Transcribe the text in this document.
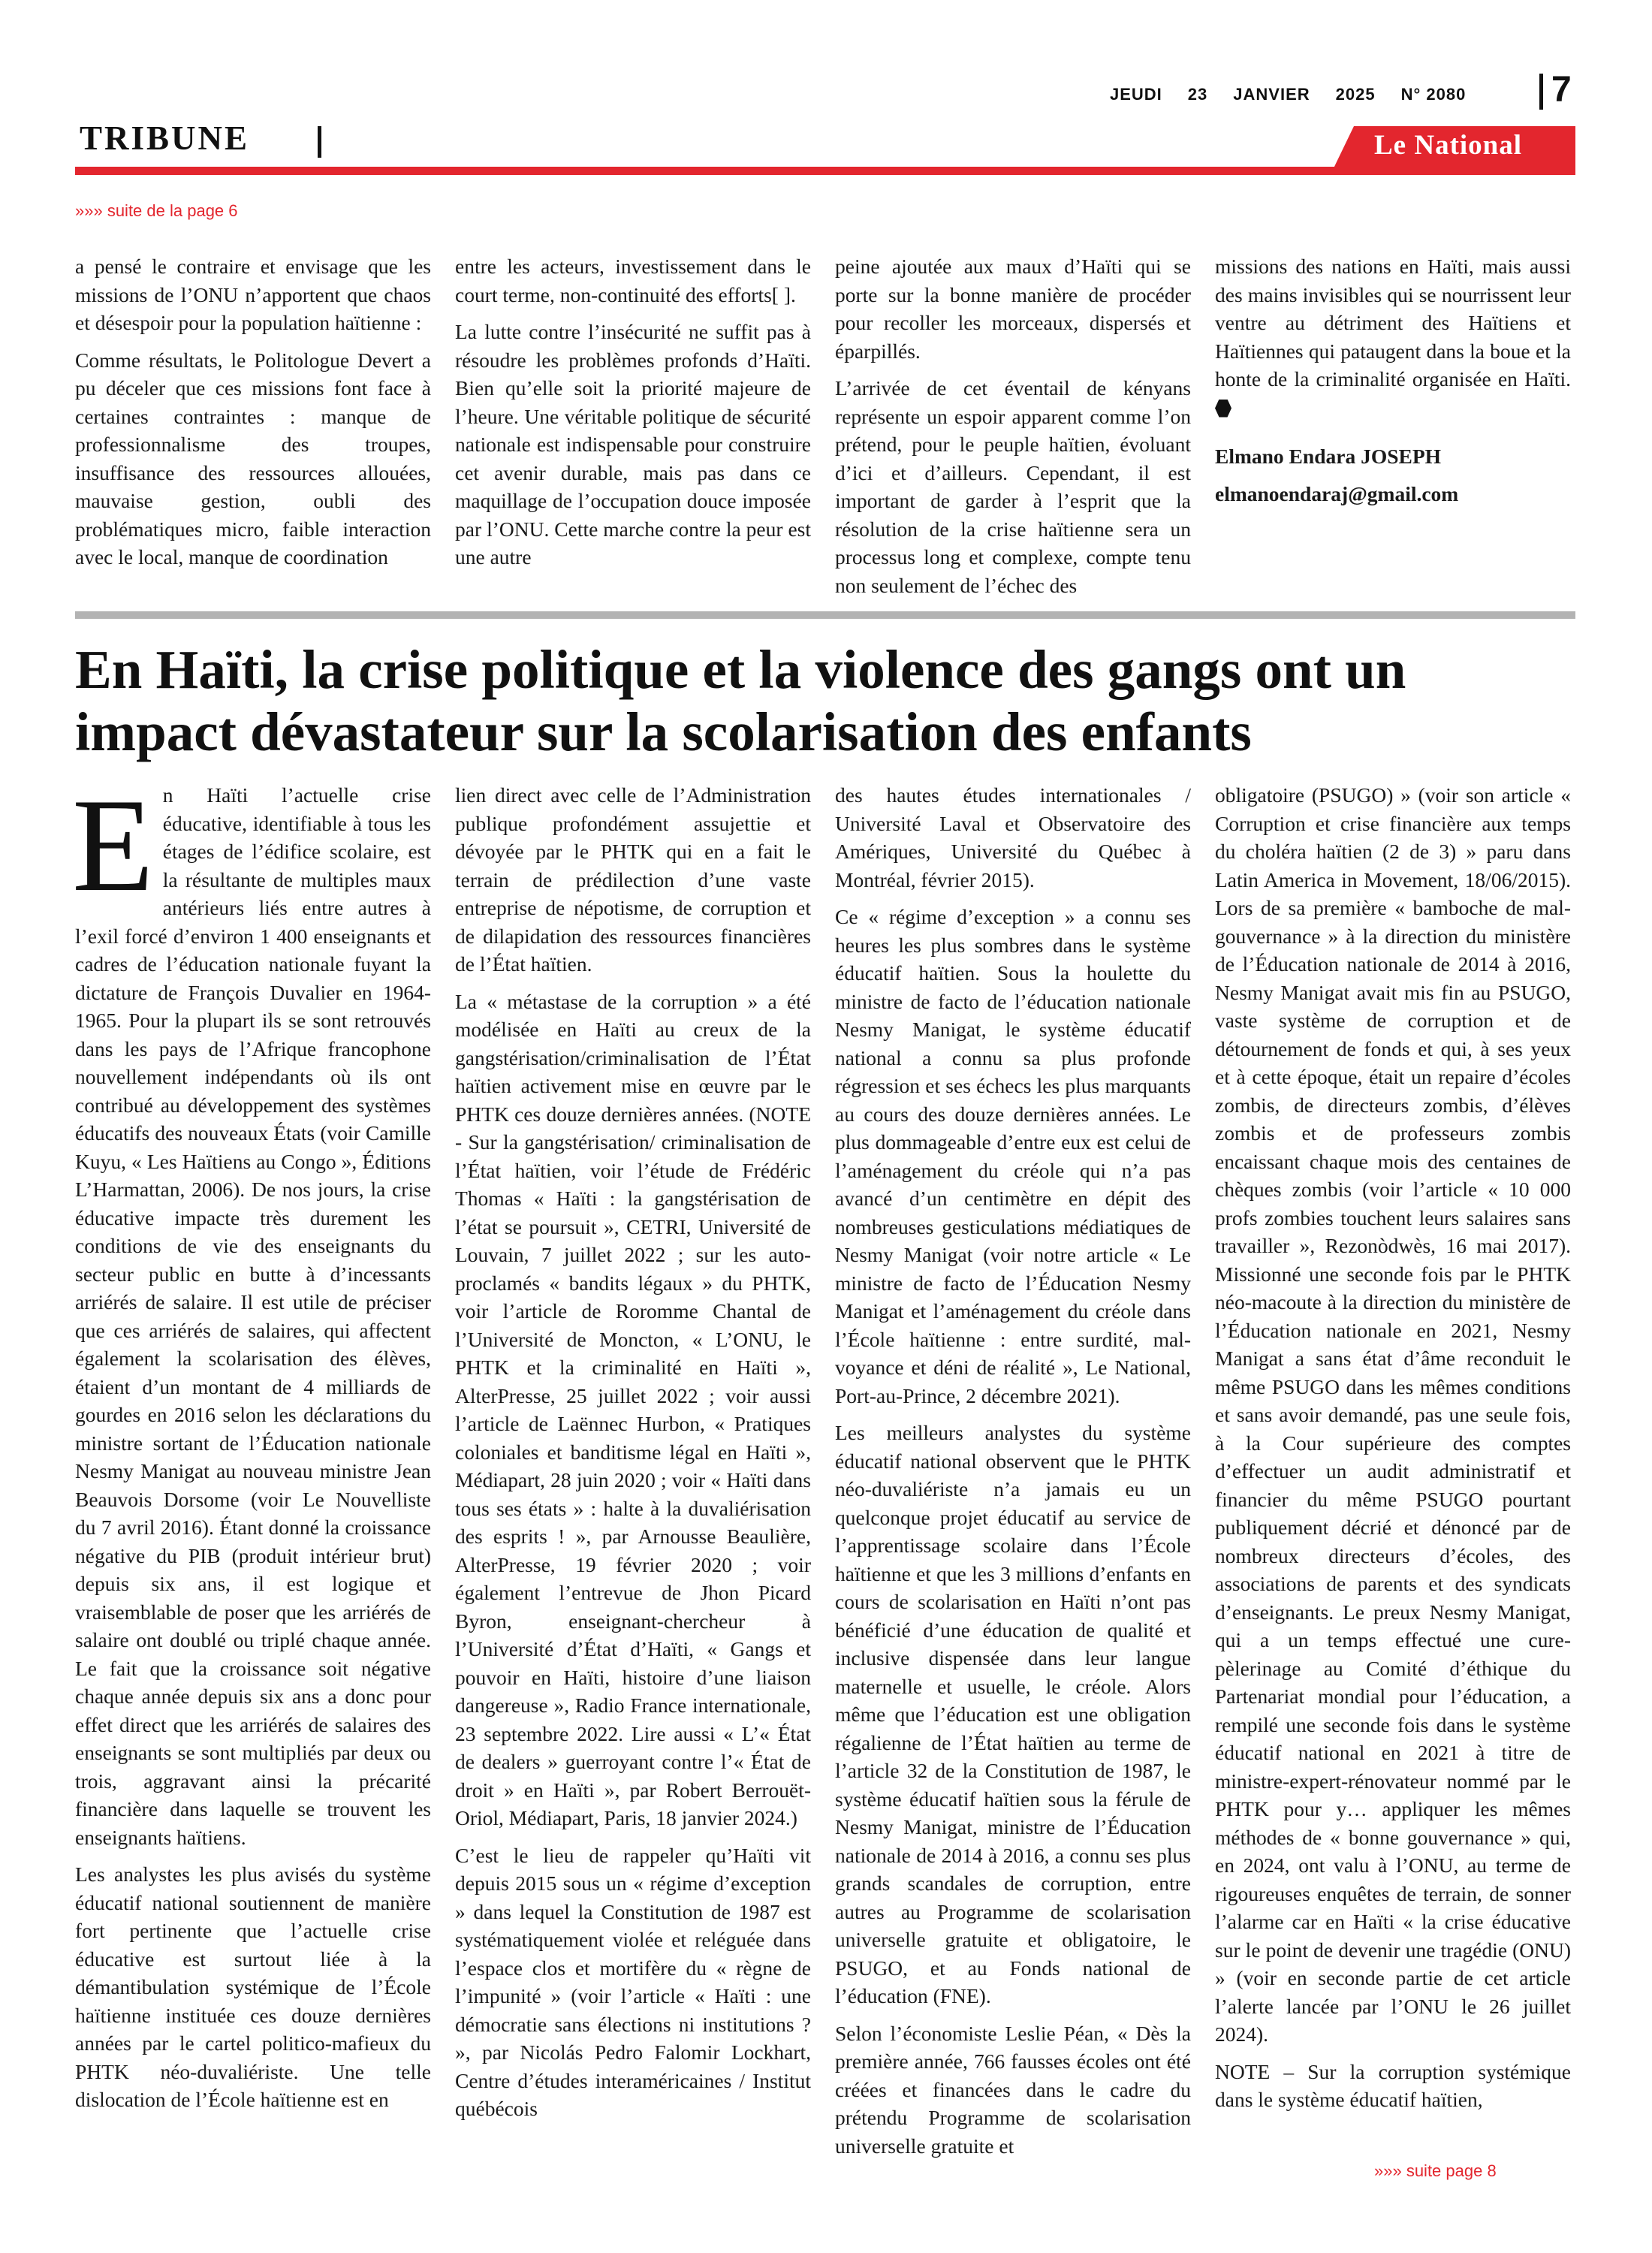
JEUDI 23 JANVIER 2025 N° 2080	7
TRIBUNE	Le National
»»» suite de la page 6

a pensé le contraire et envisage que les missions de l’ONU n’apportent que chaos et désespoir pour la population haïtienne :

Comme résultats, le Politologue Devert a pu déceler que ces missions font face à certaines contraintes : manque de professionnalisme des troupes, insuffisance des ressources allouées, mauvaise gestion, oubli des problématiques micro, faible interaction avec le local, manque de coordination

entre les acteurs, investissement dans le court terme, non-continuité des efforts[ ].

La lutte contre l’insécurité ne suffit pas à résoudre les problèmes profonds d’Haïti. Bien qu’elle soit la priorité majeure de l’heure. Une véritable politique de sécurité nationale est indispensable pour construire cet avenir durable, mais pas dans ce maquillage de l’occupation douce imposée par l’ONU. Cette marche contre la peur est une autre

peine ajoutée aux maux d’Haïti qui se porte sur la bonne manière de procéder pour recoller les morceaux, dispersés et éparpillés.

L’arrivée de cet éventail de kényans représente un espoir apparent comme l’on prétend, pour le peuple haïtien, évoluant d’ici et d’ailleurs. Cependant, il est important de garder à l’esprit que la résolution de la crise haïtienne sera un processus long et complexe, compte tenu non seulement de l’échec des

missions des nations en Haïti, mais aussi des mains invisibles qui se nourrissent leur ventre au détriment des Haïtiens et Haïtiennes qui pataugent dans la boue et la honte de la criminalité organisée en Haïti.

Elmano Endara JOSEPH

elmanoendaraj@gmail.com

En Haïti, la crise politique et la violence des gangs ont un impact dévastateur sur la scolarisation des enfants

En Haïti l’actuelle crise éducative, identifiable à tous les étages de l’édifice scolaire, est la résultante de multiples maux antérieurs liés entre autres à l’exil forcé d’environ 1 400 enseignants et cadres de l’éducation nationale fuyant la dictature de François Duvalier en 1964-1965. Pour la plupart ils se sont retrouvés dans les pays de l’Afrique francophone nouvellement indépendants où ils ont contribué au développement des systèmes éducatifs des nouveaux États (voir Camille Kuyu, « Les Haïtiens au Congo », Éditions L’Harmattan, 2006). De nos jours, la crise éducative impacte très durement les conditions de vie des enseignants du secteur public en butte à d’incessants arriérés de salaire. Il est utile de préciser que ces arriérés de salaires, qui affectent également la scolarisation des élèves, étaient d’un montant de 4 milliards de gourdes en 2016 selon les déclarations du ministre sortant de l’Éducation nationale Nesmy Manigat au nouveau ministre Jean Beauvois Dorsome (voir Le Nouvelliste du 7 avril 2016). Étant donné la croissance négative du PIB (produit intérieur brut) depuis six ans, il est logique et vraisemblable de poser que les arriérés de salaire ont doublé ou triplé chaque année. Le fait que la croissance soit négative chaque année depuis six ans a donc pour effet direct que les arriérés de salaires des enseignants se sont multipliés par deux ou trois, aggravant ainsi la précarité financière dans laquelle se trouvent les enseignants haïtiens.

Les analystes les plus avisés du système éducatif national soutiennent de manière fort pertinente que l’actuelle crise éducative est surtout liée à la démantibulation systémique de l’École haïtienne instituée ces douze dernières années par le cartel politico-mafieux du PHTK néo-duvaliériste. Une telle dislocation de l’École haïtienne est en

lien direct avec celle de l’Administration publique profondément assujettie et dévoyée par le PHTK qui en a fait le terrain de prédilection d’une vaste entreprise de népotisme, de corruption et de dilapidation des ressources financières de l’État haïtien.

La « métastase de la corruption » a été modélisée en Haïti au creux de la gangstérisation/criminalisation de l’État haïtien activement mise en œuvre par le PHTK ces douze dernières années. (NOTE - Sur la gangstérisation/ criminalisation de l’État haïtien, voir l’étude de Frédéric Thomas « Haïti : la gangstérisation de l’état se poursuit », CETRI, Université de Louvain, 7 juillet 2022 ; sur les auto-proclamés « bandits légaux » du PHTK, voir l’article de Roromme Chantal de l’Université de Moncton, « L’ONU, le PHTK et la criminalité en Haïti », AlterPresse, 25 juillet 2022 ; voir aussi l’article de Laënnec Hurbon, « Pratiques coloniales et banditisme légal en Haïti », Médiapart, 28 juin 2020 ; voir « Haïti dans tous ses états » : halte à la duvaliérisation des esprits ! », par Arnousse Beaulière, AlterPresse, 19 février 2020 ; voir également l’entrevue de Jhon Picard Byron, enseignant-chercheur à l’Université d’État d’Haïti, « Gangs et pouvoir en Haïti, histoire d’une liaison dangereuse », Radio France internationale, 23 septembre 2022. Lire aussi « L’« État de dealers » guerroyant contre l’« État de droit » en Haïti », par Robert Berrouët-Oriol, Médiapart, Paris, 18 janvier 2024.)

C’est le lieu de rappeler qu’Haïti vit depuis 2015 sous un « régime d’exception » dans lequel la Constitution de 1987 est systématiquement violée et reléguée dans l’espace clos et mortifère du « règne de l’impunité » (voir l’article « Haïti : une démocratie sans élections ni institutions ? », par Nicolás Pedro Falomir Lockhart, Centre d’études interaméricaines / Institut québécois

des hautes études internationales / Université Laval et Observatoire des Amériques, Université du Québec à Montréal, février 2015).

Ce « régime d’exception » a connu ses heures les plus sombres dans le système éducatif haïtien. Sous la houlette du ministre de facto de l’éducation nationale Nesmy Manigat, le système éducatif national a connu sa plus profonde régression et ses échecs les plus marquants au cours des douze dernières années. Le plus dommageable d’entre eux est celui de l’aménagement du créole qui n’a pas avancé d’un centimètre en dépit des nombreuses gesticulations médiatiques de Nesmy Manigat (voir notre article « Le ministre de facto de l’Éducation Nesmy Manigat et l’aménagement du créole dans l’École haïtienne : entre surdité, mal-voyance et déni de réalité », Le National, Port-au-Prince, 2 décembre 2021).

Les meilleurs analystes du système éducatif national observent que le PHTK néo-duvaliériste n’a jamais eu un quelconque projet éducatif au service de l’apprentissage scolaire dans l’École haïtienne et que les 3 millions d’enfants en cours de scolarisation en Haïti n’ont pas bénéficié d’une éducation de qualité et inclusive dispensée dans leur langue maternelle et usuelle, le créole. Alors même que l’éducation est une obligation régalienne de l’État haïtien au terme de l’article 32 de la Constitution de 1987, le système éducatif haïtien sous la férule de Nesmy Manigat, ministre de l’Éducation nationale de 2014 à 2016, a connu ses plus grands scandales de corruption, entre autres au Programme de scolarisation universelle gratuite et obligatoire, le PSUGO, et au Fonds national de l’éducation (FNE).

Selon l’économiste Leslie Péan, « Dès la première année, 766 fausses écoles ont été créées et financées dans le cadre du prétendu Programme de scolarisation universelle gratuite et

obligatoire (PSUGO) » (voir son article « Corruption et crise financière aux temps du choléra haïtien (2 de 3) » paru dans Latin America in Movement, 18/06/2015). Lors de sa première « bamboche de mal-gouvernance » à la direction du ministère de l’Éducation nationale de 2014 à 2016, Nesmy Manigat avait mis fin au PSUGO, vaste système de corruption et de détournement de fonds et qui, à ses yeux et à cette époque, était un repaire d’écoles zombis, de directeurs zombis, d’élèves zombis et de professeurs zombis encaissant chaque mois des centaines de chèques zombis (voir l’article « 10 000 profs zombies touchent leurs salaires sans travailler », Rezonòdwès, 16 mai 2017). Missionné une seconde fois par le PHTK néo-macoute à la direction du ministère de l’Éducation nationale en 2021, Nesmy Manigat a sans état d’âme reconduit le même PSUGO dans les mêmes conditions et sans avoir demandé, pas une seule fois, à la Cour supérieure des comptes d’effectuer un audit administratif et financier du même PSUGO pourtant publiquement décrié et dénoncé par de nombreux directeurs d’écoles, des associations de parents et des syndicats d’enseignants. Le preux Nesmy Manigat, qui a un temps effectué une cure-pèlerinage au Comité d’éthique du Partenariat mondial pour l’éducation, a rempilé une seconde fois dans le système éducatif national en 2021 à titre de ministre-expert-rénovateur nommé par le PHTK pour y… appliquer les mêmes méthodes de « bonne gouvernance » qui, en 2024, ont valu à l’ONU, au terme de rigoureuses enquêtes de terrain, de sonner l’alarme car en Haïti « la crise éducative sur le point de devenir une tragédie (ONU) » (voir en seconde partie de cet article l’alerte lancée par l’ONU le 26 juillet 2024).

NOTE – Sur la corruption systémique dans le système éducatif haïtien,

»»» suite page 8
